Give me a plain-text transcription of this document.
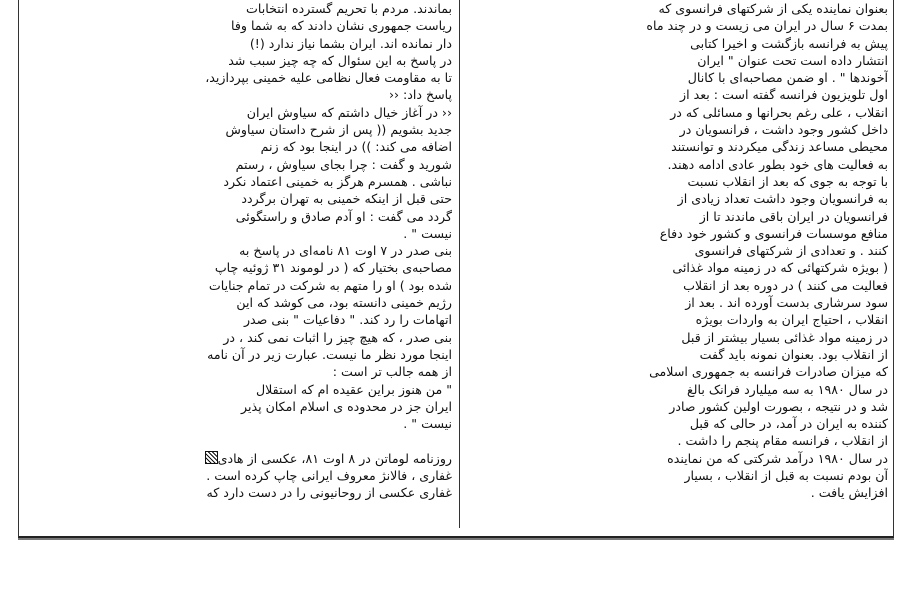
بعنوان نماینده یکی از شرکتهای فرانسوی که
بمدت ۶ سال در ایران می زیست و در چند ماه
پیش به فرانسه بازگشت و اخیرا کتابی
انتشار داده است تحت عنوان " ایران
آخوندها " . او ضمن مصاحبه‌ای با کانال
اول تلویزیون فرانسه گفته است : بعد از
انقلاب ، علی رغم بحرانها و مسائلی که در
داخل کشور وجود داشت ، فرانسویان در
محیطی مساعد زندگی میکردند و توانستند
به فعالیت های خود بطور عادی ادامه دهند.
با توجه به جوی که بعد از انقلاب نسبت
به فرانسویان وجود داشت تعداد زیادی از
فرانسویان در ایران باقی ماندند تا از
منافع موسسات فرانسوی و کشور خود دفاع
کنند . و تعدادی از شرکتهای فرانسوی
( بویژه شرکتهائی که در زمینه مواد غذائی
فعالیت می کنند ) در دوره بعد از انقلاب
سود سرشاری بدست آورده اند . بعد از
انقلاب ، احتیاج ایران به واردات بویژه
در زمینه مواد غذائی بسیار بیشتر از قبل
از انقلاب بود. بعنوان نمونه باید گفت
که میزان صادرات فرانسه به جمهوری اسلامی
در سال ۱۹۸۰ به سه میلیارد فرانک بالغ
شد و در نتیجه ، بصورت اولین کشور صادر
کننده به ایران در آمد، در حالی که قبل
از انقلاب ، فرانسه مقام پنجم را داشت .
در سال ۱۹۸۰ درآمد شرکتی که من نماینده
آن بودم نسبت به قبل از انقلاب ، بسیار
افزایش یافت .
بماندند. مردم با تحریم گسترده انتخابات
ریاست جمهوری نشان دادند که به شما وفا
دار نمانده اند. ایران بشما نیاز ندارد (!)
در پاسخ به این سئوال که چه چیز سبب شد
تا به مقاومت فعال نظامی علیه خمینی بپردازید،
پاسخ داد: ‹‹
‹‹ در آغاز خیال داشتم که سیاوش ایران
جدید بشویم (( پس از شرح داستان سیاوش
اضافه می کند: )) در اینجا بود که زنم
شورید و گفت : چرا بجای سیاوش ، رستم
نباشی . همسرم هرگز به خمینی اعتماد نکرد
حتی قبل از اینکه خمینی به تهران برگردد
گردد می گفت : او آدم صادق و راستگوئی
نیست " .
بنی صدر در ۷ اوت ۸۱ نامه‌ای در پاسخ به
مصاحبه‌ی بختیار که ( در لوموند ۳۱ ژوئیه چاپ
شده بود ) او را متهم به شرکت در تمام جنایات
رژیم خمینی دانسته بود، می کوشد که این
اتهامات را رد کند. " دفاعیات " بنی صدر
بنی صدر ، که هیچ چیز را اثبات نمی کند ، در
اینجا مورد نظر ما نیست. عبارت زیر در آن نامه
از همه جالب تر است :
" من هنوز براین عقیده ام که استقلال
ایران جز در محدوده ی اسلام امکان پذیر
نیست " .
روزنامه لوماتن در ۸ اوت ۸۱، عکسی از هادی
غفاری ، فالانژ معروف ایرانی چاپ کرده است .
غفاری عکسی از روحانیونی را در دست دارد که
